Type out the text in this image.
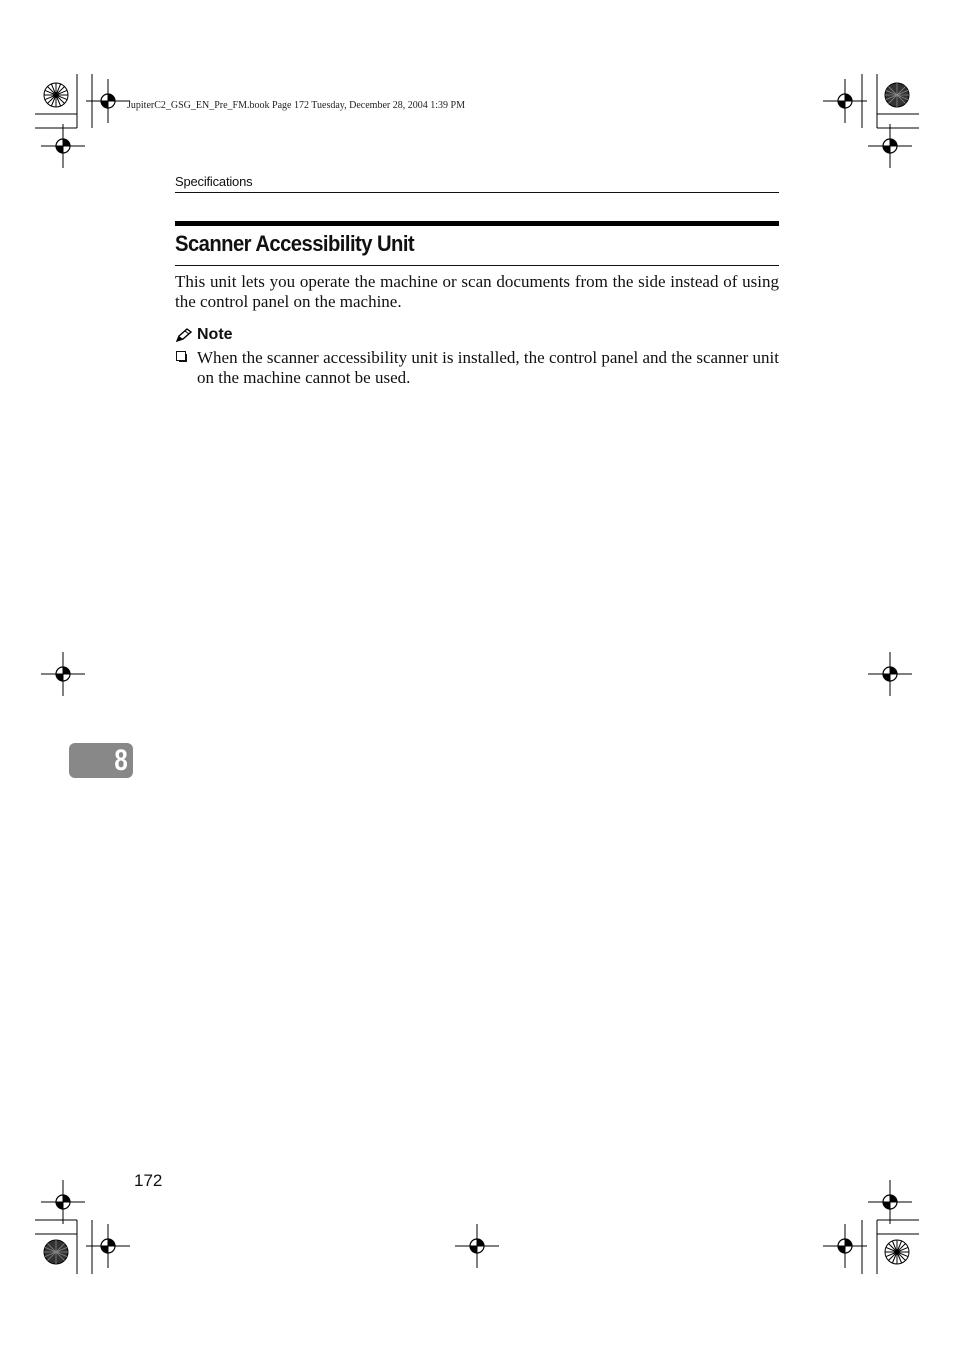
JupiterC2_GSG_EN_Pre_FM.book Page 172 Tuesday, December 28, 2004 1:39 PM
Specifications
Scanner Accessibility Unit
This unit lets you operate the machine or scan documents from the side instead of using the control panel on the machine.
Note
When the scanner accessibility unit is installed, the control panel and the scanner unit on the machine cannot be used.
8
172
